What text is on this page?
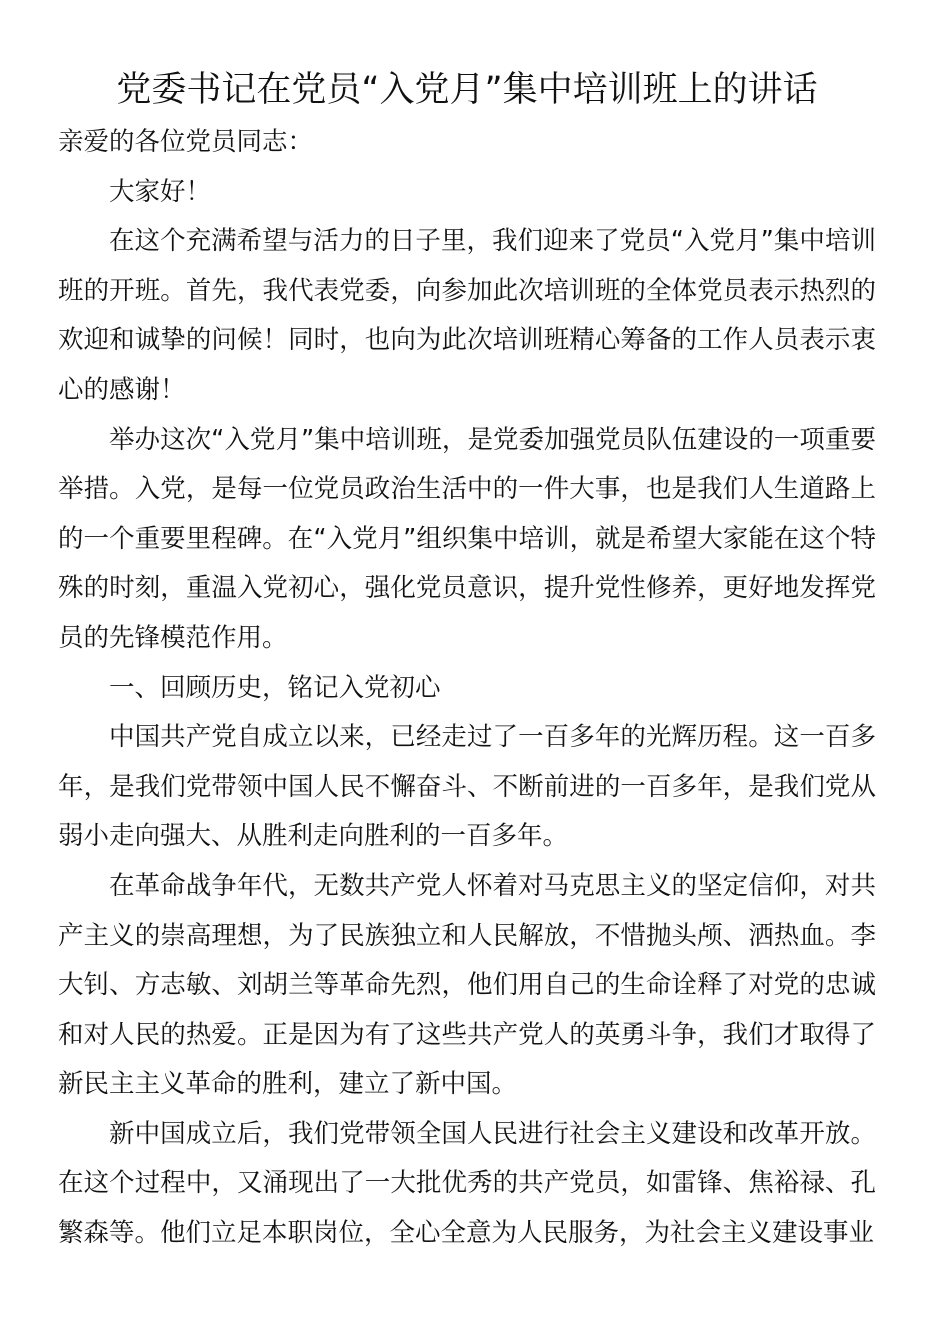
党委书记在党员“入党月”集中培训班上的讲话

亲爱的各位党员同志：

大家好！

在这个充满希望与活力的日子里，我们迎来了党员“入党月”集中培训班的开班。首先，我代表党委，向参加此次培训班的全体党员表示热烈的欢迎和诚挚的问候！同时，也向为此次培训班精心筹备的工作人员表示衷心的感谢！

举办这次“入党月”集中培训班，是党委加强党员队伍建设的一项重要举措。入党，是每一位党员政治生活中的一件大事，也是我们人生道路上的一个重要里程碑。在“入党月”组织集中培训，就是希望大家能在这个特殊的时刻，重温入党初心，强化党员意识，提升党性修养，更好地发挥党员的先锋模范作用。

一、回顾历史，铭记入党初心

中国共产党自成立以来，已经走过了一百多年的光辉历程。这一百多年，是我们党带领中国人民不懈奋斗、不断前进的一百多年，是我们党从弱小走向强大、从胜利走向胜利的一百多年。

在革命战争年代，无数共产党人怀着对马克思主义的坚定信仰，对共产主义的崇高理想，为了民族独立和人民解放，不惜抛头颅、洒热血。李大钊、方志敏、刘胡兰等革命先烈，他们用自己的生命诠释了对党的忠诚和对人民的热爱。正是因为有了这些共产党人的英勇斗争，我们才取得了新民主主义革命的胜利，建立了新中国。

新中国成立后，我们党带领全国人民进行社会主义建设和改革开放。在这个过程中，又涌现出了一大批优秀的共产党员，如雷锋、焦裕禄、孔繁森等。他们立足本职岗位，全心全意为人民服务，为社会主义建设事业
